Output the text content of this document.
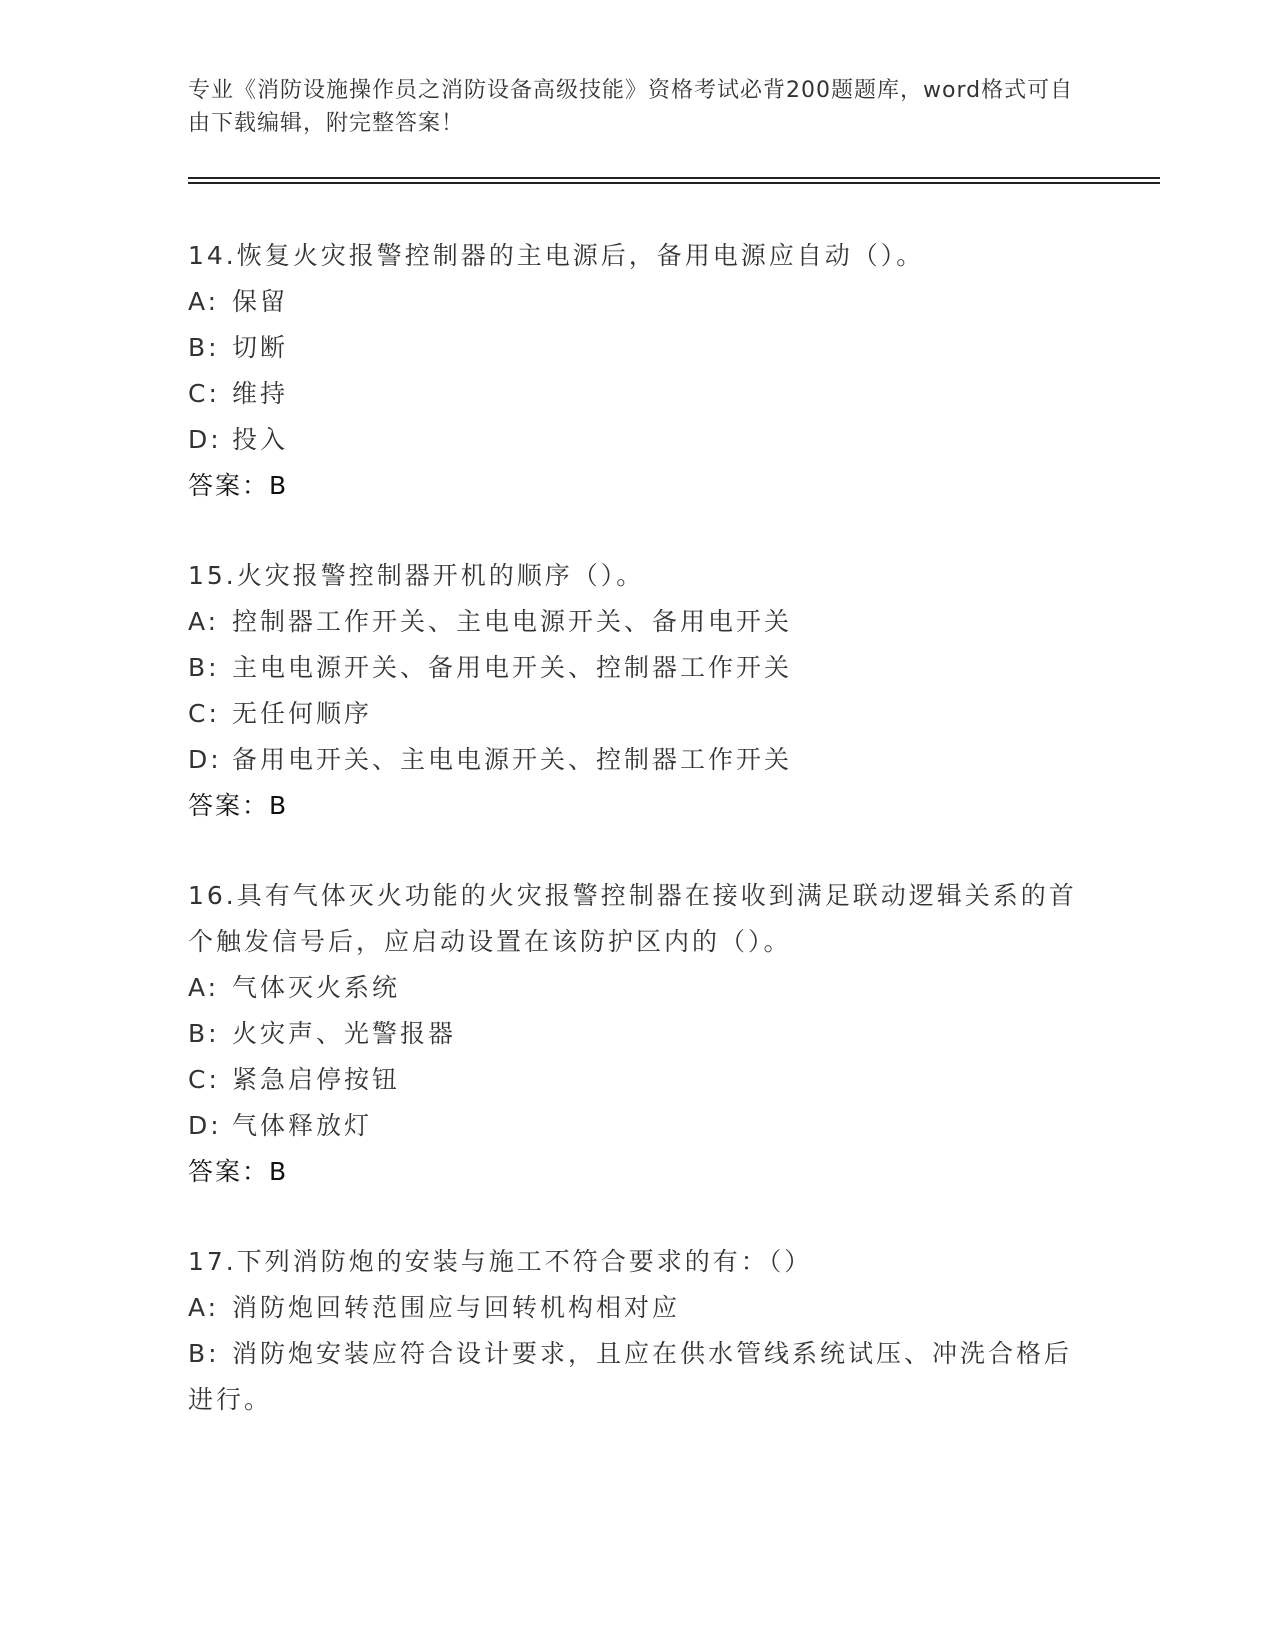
专业《消防设施操作员之消防设备高级技能》资格考试必背200题题库，word格式可自由下载编辑，附完整答案！
14.恢复火灾报警控制器的主电源后，备用电源应自动（）。
A: 保留
B: 切断
C: 维持
D: 投入
答案：B
15.火灾报警控制器开机的顺序（）。
A: 控制器工作开关、主电电源开关、备用电开关
B: 主电电源开关、备用电开关、控制器工作开关
C: 无任何顺序
D: 备用电开关、主电电源开关、控制器工作开关
答案：B
16.具有气体灭火功能的火灾报警控制器在接收到满足联动逻辑关系的首个触发信号后，应启动设置在该防护区内的（）。
A: 气体灭火系统
B: 火灾声、光警报器
C: 紧急启停按钮
D: 气体释放灯
答案：B
17.下列消防炮的安装与施工不符合要求的有：（）
A: 消防炮回转范围应与回转机构相对应
B: 消防炮安装应符合设计要求，且应在供水管线系统试压、冲洗合格后进行。
